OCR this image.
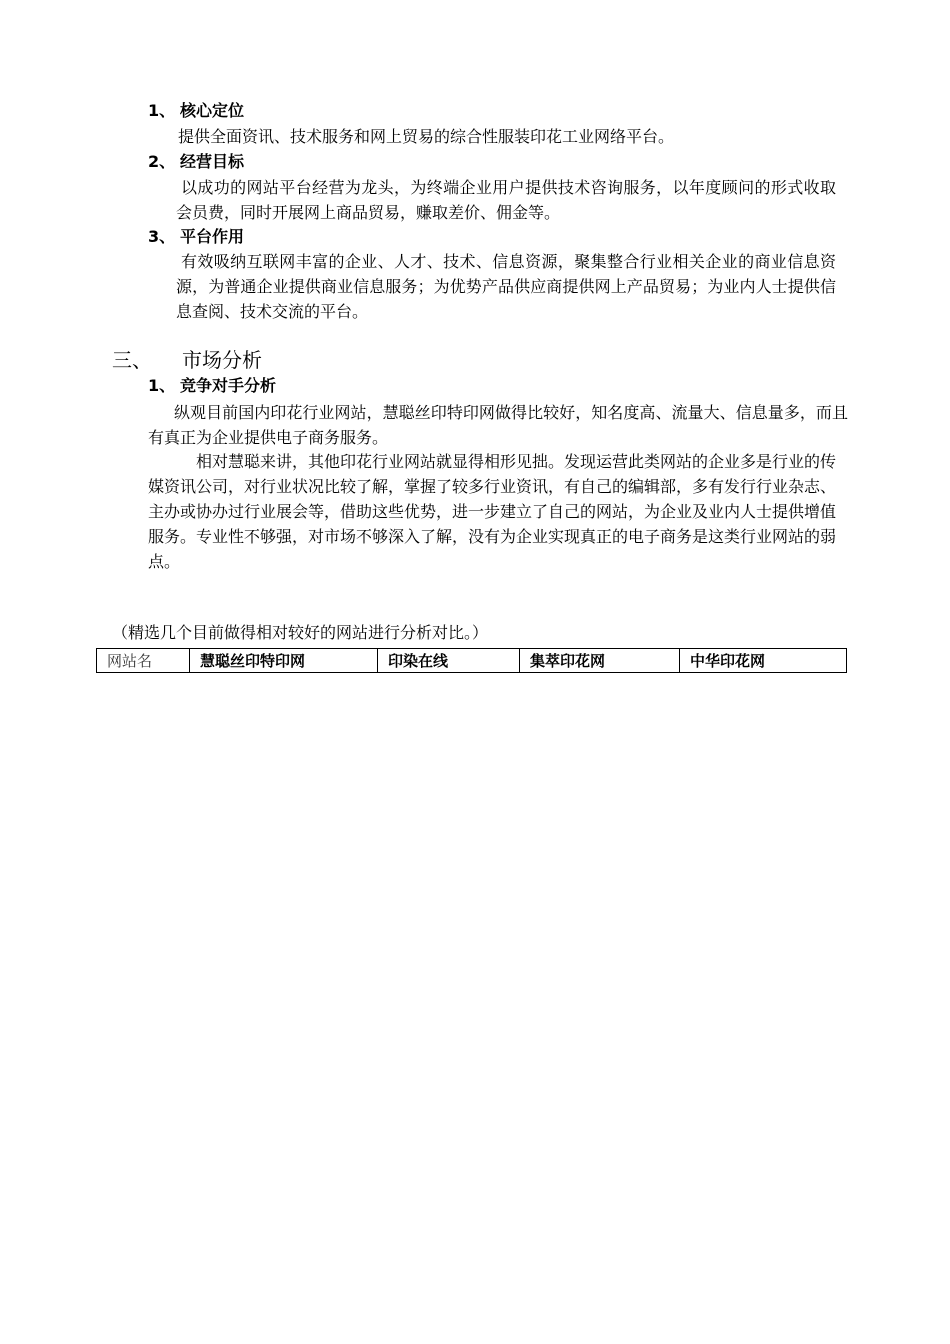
1、 核心定位
提供全面资讯、技术服务和网上贸易的综合性服装印花工业网络平台。
2、 经营目标
以成功的网站平台经营为龙头，为终端企业用户提供技术咨询服务，以年度顾问的形式收取会员费，同时开展网上商品贸易，赚取差价、佣金等。
3、 平台作用
有效吸纳互联网丰富的企业、人才、技术、信息资源，聚集整合行业相关企业的商业信息资源，为普通企业提供商业信息服务；为优势产品供应商提供网上产品贸易；为业内人士提供信息查阅、技术交流的平台。
三、 市场分析
1、 竞争对手分析
纵观目前国内印花行业网站，慧聪丝印特印网做得比较好，知名度高、流量大、信息量多，而且有真正为企业提供电子商务服务。
相对慧聪来讲，其他印花行业网站就显得相形见拙。发现运营此类网站的企业多是行业的传媒资讯公司，对行业状况比较了解，掌握了较多行业资讯，有自己的编辑部，多有发行行业杂志、主办或协办过行业展会等，借助这些优势，进一步建立了自己的网站，为企业及业内人士提供增值服务。专业性不够强，对市场不够深入了解，没有为企业实现真正的电子商务是这类行业网站的弱点。
（精选几个目前做得相对较好的网站进行分析对比。）
网站名	慧聪丝印特印网	印染在线	集萃印花网	中华印花网
